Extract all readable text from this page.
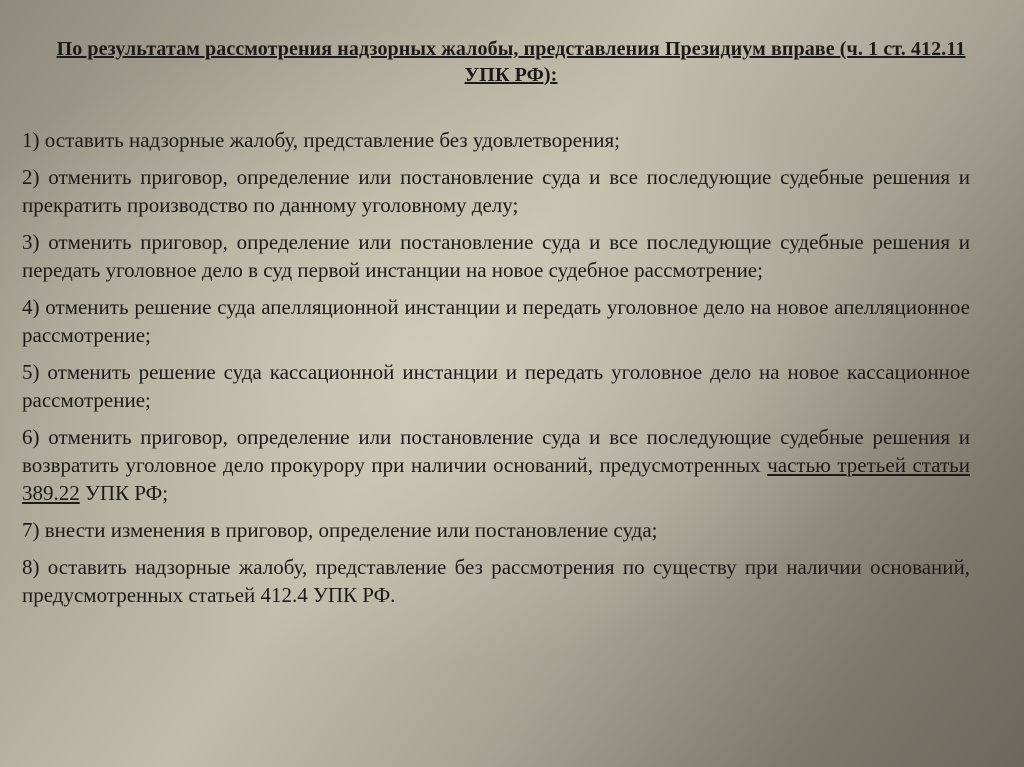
По результатам рассмотрения надзорных жалобы, представления Президиум вправе (ч. 1 ст. 412.11 УПК РФ):
1) оставить надзорные жалобу, представление без удовлетворения;
2) отменить приговор, определение или постановление суда и все последующие судебные решения и прекратить производство по данному уголовному делу;
3) отменить приговор, определение или постановление суда и все последующие судебные решения и передать уголовное дело в суд первой инстанции на новое судебное рассмотрение;
4) отменить решение суда апелляционной инстанции и передать уголовное дело на новое апелляционное рассмотрение;
5) отменить решение суда кассационной инстанции и передать уголовное дело на новое кассационное рассмотрение;
6) отменить приговор, определение или постановление суда и все последующие судебные решения и возвратить уголовное дело прокурору при наличии оснований, предусмотренных частью третьей статьи 389.22 УПК РФ;
7) внести изменения в приговор, определение или постановление суда;
8) оставить надзорные жалобу, представление без рассмотрения по существу при наличии оснований, предусмотренных статьей 412.4 УПК РФ.
